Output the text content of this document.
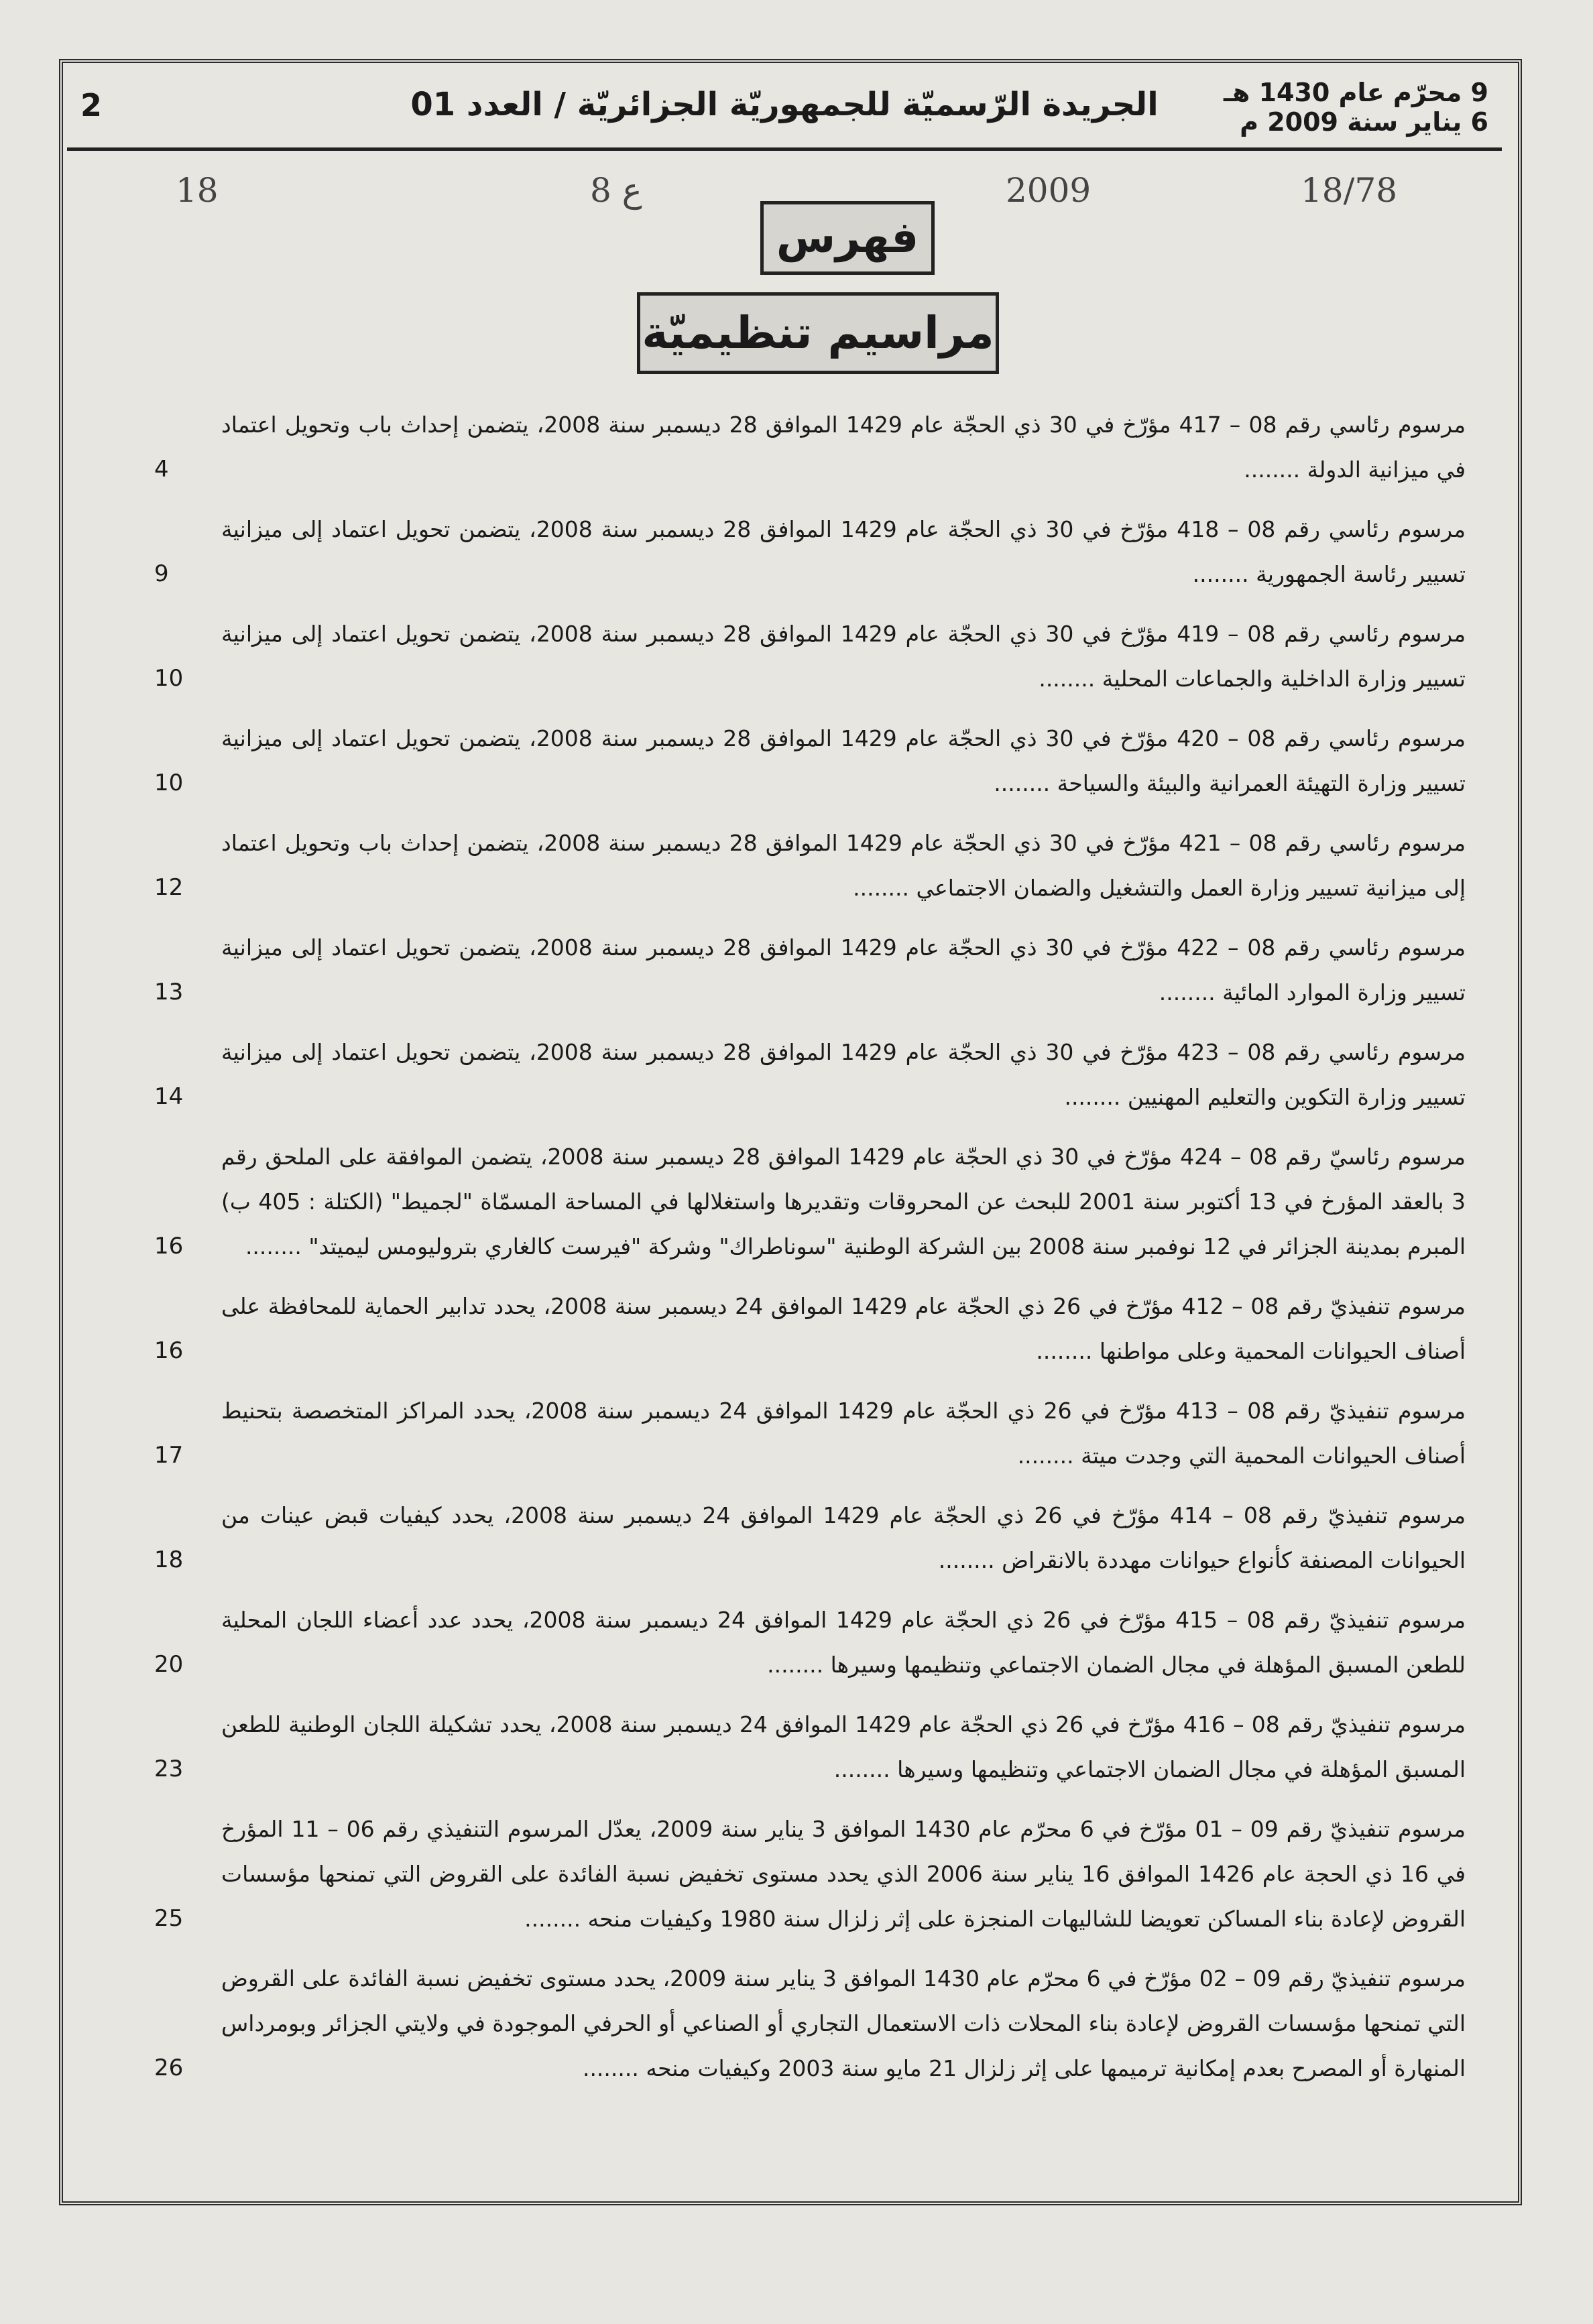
2	الجريدة الرّسميّة للجمهوريّة الجزائريّة / العدد 01	9 محرّم عام 1430 هـ
6 يناير سنة 2009 م
18/78
2009
ع 8
18
فهرس
مراسيم تنظيميّة

مرسوم رئاسي رقم 08 – 417 مؤرّخ في 30 ذي الحجّة عام 1429 الموافق 28 ديسمبر سنة 2008، يتضمن إحداث باب وتحويل اعتماد في ميزانية الدولة ........

4

مرسوم رئاسي رقم 08 – 418 مؤرّخ في 30 ذي الحجّة عام 1429 الموافق 28 ديسمبر سنة 2008، يتضمن تحويل اعتماد إلى ميزانية تسيير رئاسة الجمهورية ........

9

مرسوم رئاسي رقم 08 – 419 مؤرّخ في 30 ذي الحجّة عام 1429 الموافق 28 ديسمبر سنة 2008، يتضمن تحويل اعتماد إلى ميزانية تسيير وزارة الداخلية والجماعات المحلية ........

10

مرسوم رئاسي رقم 08 – 420 مؤرّخ في 30 ذي الحجّة عام 1429 الموافق 28 ديسمبر سنة 2008، يتضمن تحويل اعتماد إلى ميزانية تسيير وزارة التهيئة العمرانية والبيئة والسياحة ........

10

مرسوم رئاسي رقم 08 – 421 مؤرّخ في 30 ذي الحجّة عام 1429 الموافق 28 ديسمبر سنة 2008، يتضمن إحداث باب وتحويل اعتماد إلى ميزانية تسيير وزارة العمل والتشغيل والضمان الاجتماعي ........

12

مرسوم رئاسي رقم 08 – 422 مؤرّخ في 30 ذي الحجّة عام 1429 الموافق 28 ديسمبر سنة 2008، يتضمن تحويل اعتماد إلى ميزانية تسيير وزارة الموارد المائية ........

13

مرسوم رئاسي رقم 08 – 423 مؤرّخ في 30 ذي الحجّة عام 1429 الموافق 28 ديسمبر سنة 2008، يتضمن تحويل اعتماد إلى ميزانية تسيير وزارة التكوين والتعليم المهنيين ........

14

مرسوم رئاسيّ رقم 08 – 424 مؤرّخ في 30 ذي الحجّة عام 1429 الموافق 28 ديسمبر سنة 2008، يتضمن الموافقة على الملحق رقم 3 بالعقد المؤرخ في 13 أكتوبر سنة 2001 للبحث عن المحروقات وتقديرها واستغلالها في المساحة المسمّاة "لجميط" (الكتلة : 405 ب) المبرم بمدينة الجزائر في 12 نوفمبر سنة 2008 بين الشركة الوطنية "سوناطراك" وشركة "فيرست كالغاري بتروليومس ليميتد" ........

16

مرسوم تنفيذيّ رقم 08 – 412 مؤرّخ في 26 ذي الحجّة عام 1429 الموافق 24 ديسمبر سنة 2008، يحدد تدابير الحماية للمحافظة على أصناف الحيوانات المحمية وعلى مواطنها ........

16

مرسوم تنفيذيّ رقم 08 – 413 مؤرّخ في 26 ذي الحجّة عام 1429 الموافق 24 ديسمبر سنة 2008، يحدد المراكز المتخصصة بتحنيط أصناف الحيوانات المحمية التي وجدت ميتة ........

17

مرسوم تنفيذيّ رقم 08 – 414 مؤرّخ في 26 ذي الحجّة عام 1429 الموافق 24 ديسمبر سنة 2008، يحدد كيفيات قبض عينات من الحيوانات المصنفة كأنواع حيوانات مهددة بالانقراض ........

18

مرسوم تنفيذيّ رقم 08 – 415 مؤرّخ في 26 ذي الحجّة عام 1429 الموافق 24 ديسمبر سنة 2008، يحدد عدد أعضاء اللجان المحلية للطعن المسبق المؤهلة في مجال الضمان الاجتماعي وتنظيمها وسيرها ........

20

مرسوم تنفيذيّ رقم 08 – 416 مؤرّخ في 26 ذي الحجّة عام 1429 الموافق 24 ديسمبر سنة 2008، يحدد تشكيلة اللجان الوطنية للطعن المسبق المؤهلة في مجال الضمان الاجتماعي وتنظيمها وسيرها ........

23

مرسوم تنفيذيّ رقم 09 – 01 مؤرّخ في 6 محرّم عام 1430 الموافق 3 يناير سنة 2009، يعدّل المرسوم التنفيذي رقم 06 – 11 المؤرخ في 16 ذي الحجة عام 1426 الموافق 16 يناير سنة 2006 الذي يحدد مستوى تخفيض نسبة الفائدة على القروض التي تمنحها مؤسسات القروض لإعادة بناء المساكن تعويضا للشاليهات المنجزة على إثر زلزال سنة 1980 وكيفيات منحه ........

25

مرسوم تنفيذيّ رقم 09 – 02 مؤرّخ في 6 محرّم عام 1430 الموافق 3 يناير سنة 2009، يحدد مستوى تخفيض نسبة الفائدة على القروض التي تمنحها مؤسسات القروض لإعادة بناء المحلات ذات الاستعمال التجاري أو الصناعي أو الحرفي الموجودة في ولايتي الجزائر وبومرداس المنهارة أو المصرح بعدم إمكانية ترميمها على إثر زلزال 21 مايو سنة 2003 وكيفيات منحه ........

26
